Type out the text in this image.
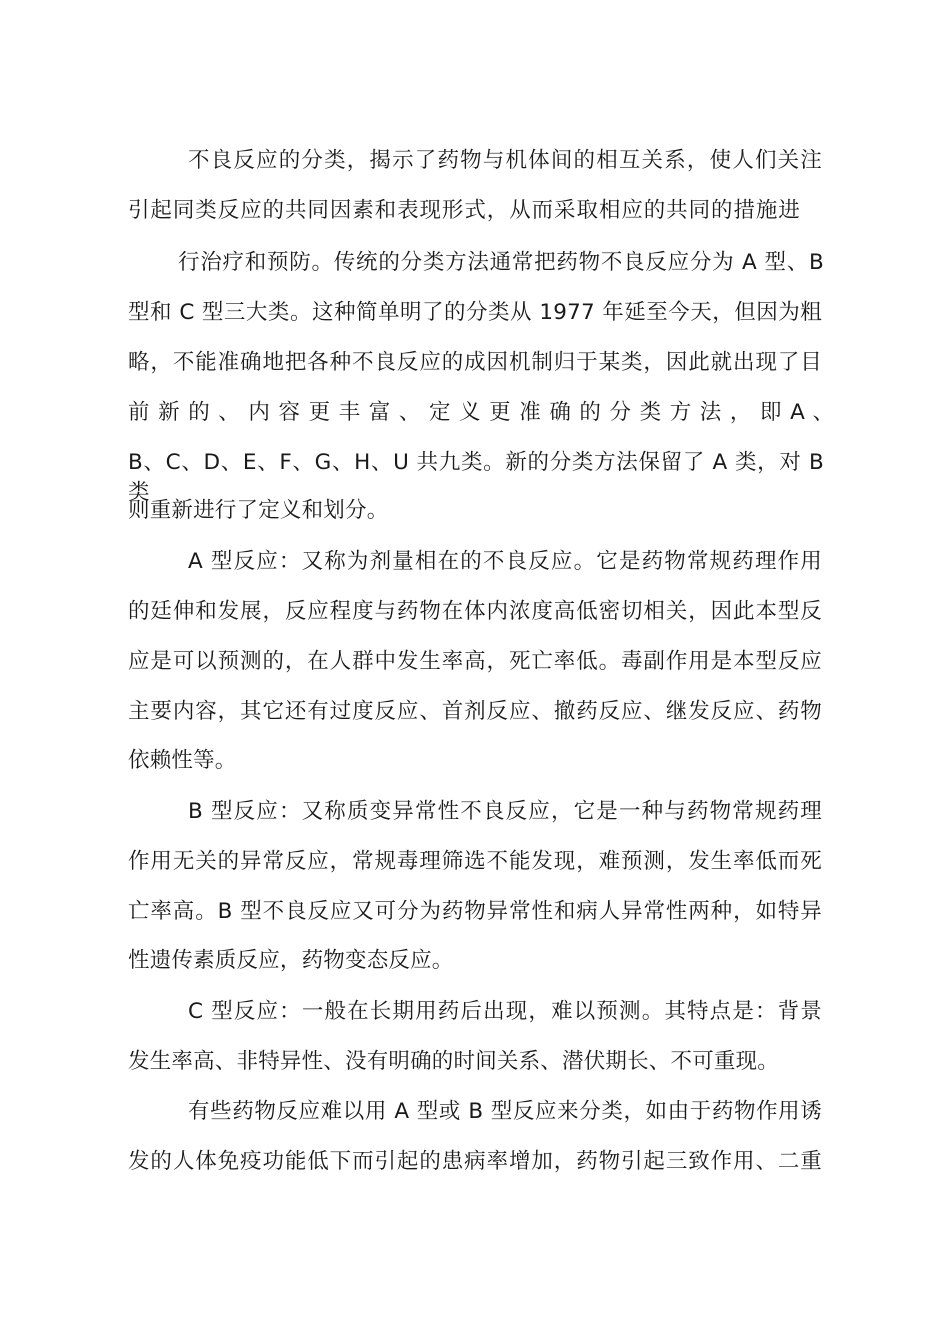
不良反应的分类，揭示了药物与机体间的相互关系，使人们关注
引起同类反应的共同因素和表现形式，从而采取相应的共同的措施进
行治疗和预防。传统的分类方法通常把药物不良反应分为 A 型、B
型和 C 型三大类。这种简单明了的分类从 1977 年延至今天，但因为粗
略，不能准确地把各种不良反应的成因机制归于某类，因此就出现了目
前 新 的 、 内 容 更 丰 富 、 定 义 更 准 确 的 分 类 方 法 ， 即 A 、
B、C、D、E、F、G、H、U 共九类。新的分类方法保留了 A 类，对 B 类
则重新进行了定义和划分。
A 型反应：又称为剂量相在的不良反应。它是药物常规药理作用
的廷伸和发展，反应程度与药物在体内浓度高低密切相关，因此本型反
应是可以预测的，在人群中发生率高，死亡率低。毒副作用是本型反应
主要内容，其它还有过度反应、首剂反应、撤药反应、继发反应、药物
依赖性等。
B 型反应：又称质变异常性不良反应，它是一种与药物常规药理
作用无关的异常反应，常规毒理筛选不能发现，难预测，发生率低而死
亡率高。B 型不良反应又可分为药物异常性和病人异常性两种，如特异
性遗传素质反应，药物变态反应。
C 型反应：一般在长期用药后出现，难以预测。其特点是：背景
发生率高、非特异性、没有明确的时间关系、潜伏期长、不可重现。
有些药物反应难以用 A 型或 B 型反应来分类，如由于药物作用诱
发的人体免疫功能低下而引起的患病率增加，药物引起三致作用、二重
